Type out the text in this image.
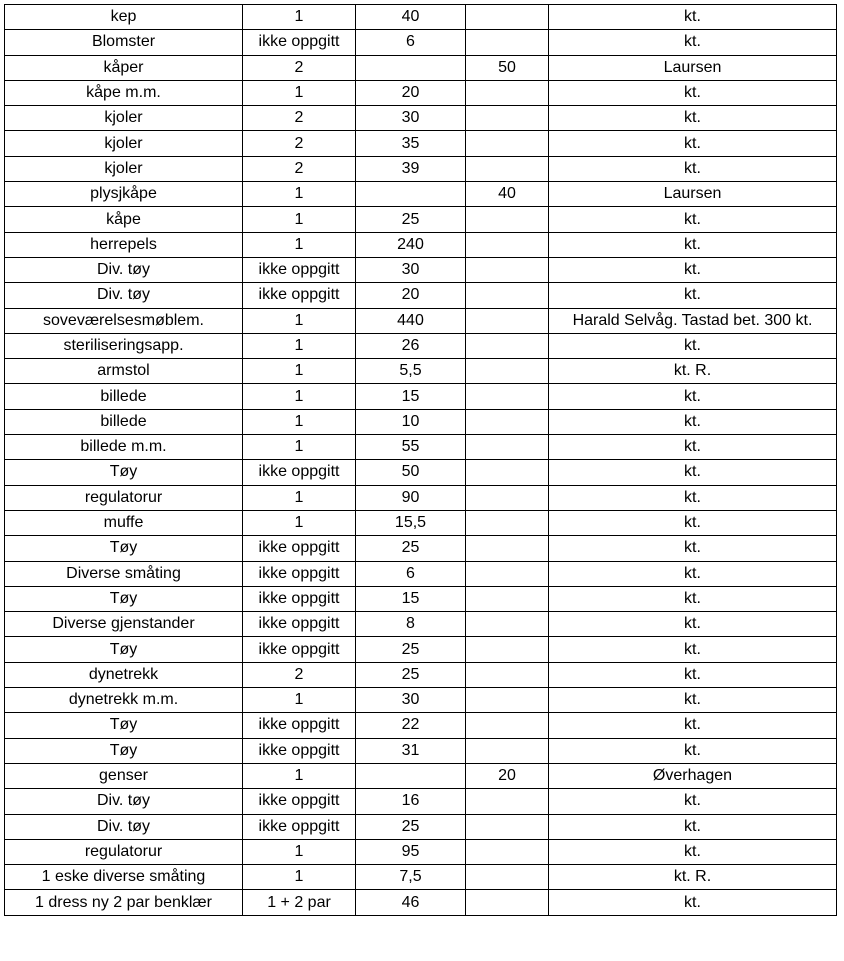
kep	1	40		kt.
Blomster	ikke oppgitt	6		kt.
kåper	2		50	Laursen
kåpe m.m.	1	20		kt.
kjoler	2	30		kt.
kjoler	2	35		kt.
kjoler	2	39		kt.
plysjkåpe	1		40	Laursen
kåpe	1	25		kt.
herrepels	1	240		kt.
Div. tøy	ikke oppgitt	30		kt.
Div. tøy	ikke oppgitt	20		kt.
soveværelsesmøblem.	1	440		Harald Selvåg. Tastad bet. 300 kt.
steriliseringsapp.	1	26		kt.
armstol	1	5,5		kt. R.
billede	1	15		kt.
billede	1	10		kt.
billede m.m.	1	55		kt.
Tøy	ikke oppgitt	50		kt.
regulatorur	1	90		kt.
muffe	1	15,5		kt.
Tøy	ikke oppgitt	25		kt.
Diverse småting	ikke oppgitt	6		kt.
Tøy	ikke oppgitt	15		kt.
Diverse gjenstander	ikke oppgitt	8		kt.
Tøy	ikke oppgitt	25		kt.
dynetrekk	2	25		kt.
dynetrekk m.m.	1	30		kt.
Tøy	ikke oppgitt	22		kt.
Tøy	ikke oppgitt	31		kt.
genser	1		20	Øverhagen
Div. tøy	ikke oppgitt	16		kt.
Div. tøy	ikke oppgitt	25		kt.
regulatorur	1	95		kt.
1 eske diverse småting	1	7,5		kt. R.
1 dress ny 2 par benklær	1 + 2 par	46		kt.
